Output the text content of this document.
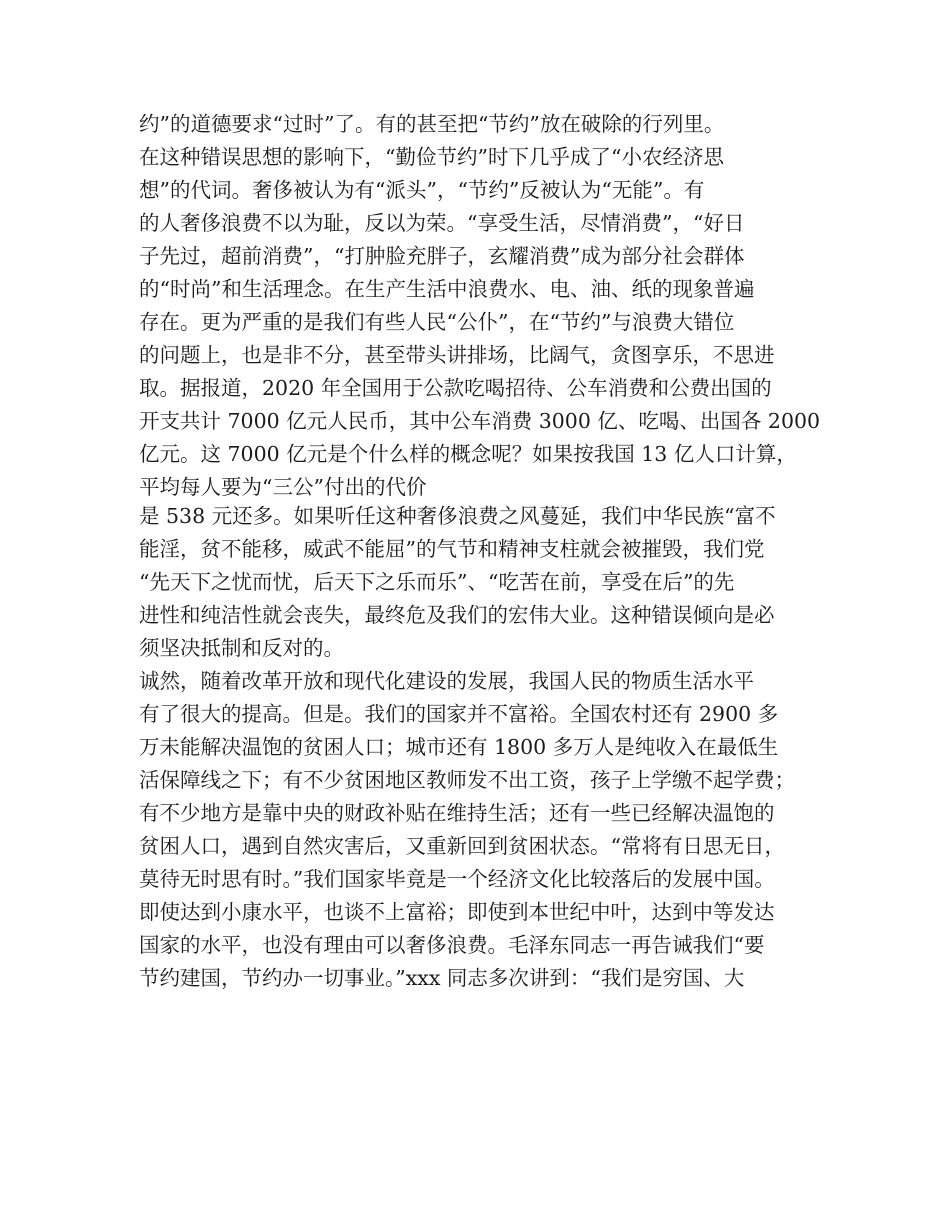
约”的道德要求“过时”了。有的甚至把“节约”放在破除的行列里。
在这种错误思想的影响下，“勤俭节约”时下几乎成了“小农经济思
想”的代词。奢侈被认为有“派头”，“节约”反被认为“无能”。有
的人奢侈浪费不以为耻，反以为荣。“享受生活，尽情消费”，“好日
子先过，超前消费”，“打肿脸充胖子，玄耀消费”成为部分社会群体
的“时尚”和生活理念。在生产生活中浪费水、电、油、纸的现象普遍
存在。更为严重的是我们有些人民“公仆”，在“节约”与浪费大错位
的问题上，也是非不分，甚至带头讲排场，比阔气，贪图享乐，不思进
取。据报道，2020 年全国用于公款吃喝招待、公车消费和公费出国的
开支共计 7000 亿元人民币，其中公车消费 3000 亿、吃喝、出国各 2000
亿元。这 7000 亿元是个什么样的概念呢？如果按我国 13 亿人口计算，
平均每人要为“三公”付出的代价
是 538 元还多。如果听任这种奢侈浪费之风蔓延，我们中华民族“富不
能淫，贫不能移，威武不能屈”的气节和精神支柱就会被摧毁，我们党
“先天下之忧而忧，后天下之乐而乐”、“吃苦在前，享受在后”的先
进性和纯洁性就会丧失，最终危及我们的宏伟大业。这种错误倾向是必
须坚决抵制和反对的。
诚然，随着改革开放和现代化建设的发展，我国人民的物质生活水平
有了很大的提高。但是。我们的国家并不富裕。全国农村还有 2900 多
万未能解决温饱的贫困人口；城市还有 1800 多万人是纯收入在最低生
活保障线之下；有不少贫困地区教师发不出工资，孩子上学缴不起学费；
有不少地方是靠中央的财政补贴在维持生活；还有一些已经解决温饱的
贫困人口，遇到自然灾害后，又重新回到贫困状态。“常将有日思无日，
莫待无时思有时。”我们国家毕竟是一个经济文化比较落后的发展中国。
即使达到小康水平，也谈不上富裕；即使到本世纪中叶，达到中等发达
国家的水平，也没有理由可以奢侈浪费。毛泽东同志一再告诫我们“要
节约建国，节约办一切事业。”xxx 同志多次讲到：“我们是穷国、大
